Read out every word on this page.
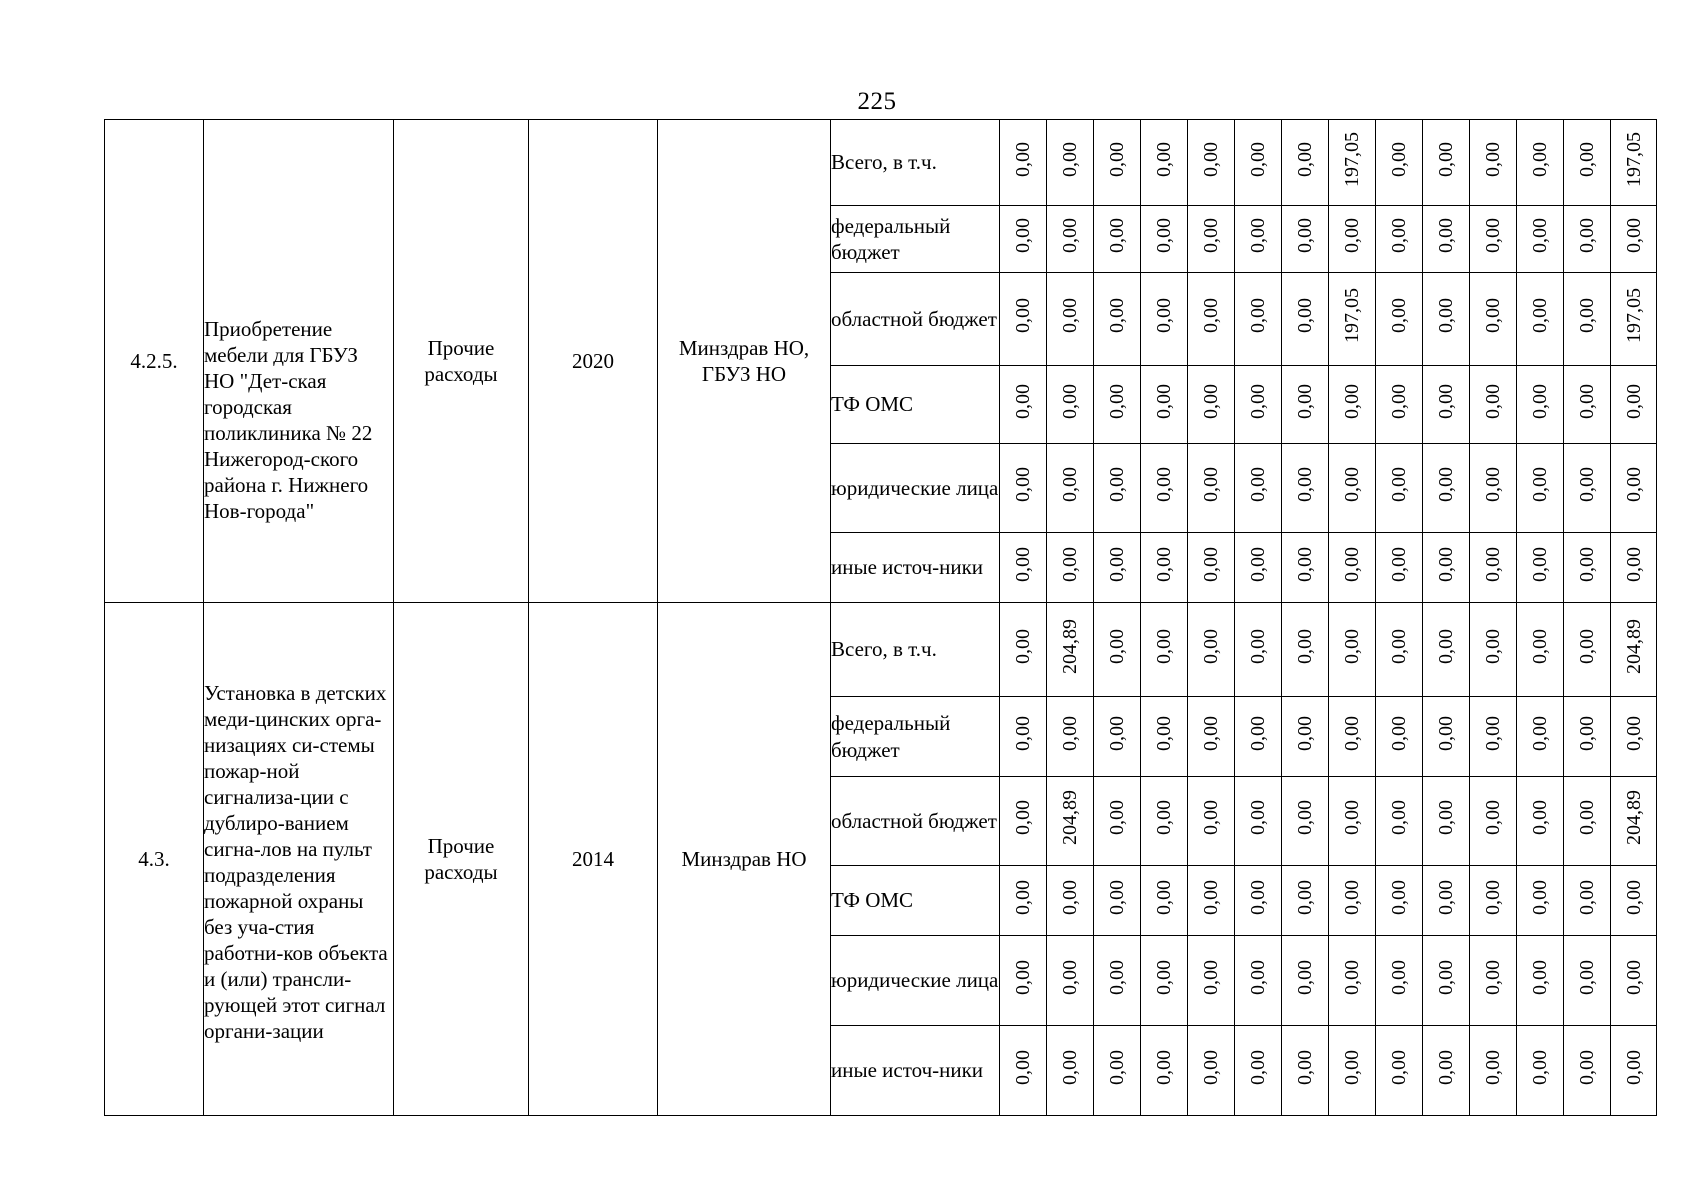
225
4.2.5.	Приобретение мебели для ГБУЗ НО "Дет-ская городская поликлиника № 22 Нижегород-ского района г. Нижнего Нов-города"	Прочие расходы	2020	Минздрав НО, ГБУЗ НО	Всего, в т.ч.	0,00	0,00	0,00	0,00	0,00	0,00	0,00	197,05	0,00	0,00	0,00	0,00	0,00	197,05
					федеральный бюджет	0,00	0,00	0,00	0,00	0,00	0,00	0,00	0,00	0,00	0,00	0,00	0,00	0,00	0,00
					областной бюджет	0,00	0,00	0,00	0,00	0,00	0,00	0,00	197,05	0,00	0,00	0,00	0,00	0,00	197,05
					ТФ ОМС	0,00	0,00	0,00	0,00	0,00	0,00	0,00	0,00	0,00	0,00	0,00	0,00	0,00	0,00
					юридические лица	0,00	0,00	0,00	0,00	0,00	0,00	0,00	0,00	0,00	0,00	0,00	0,00	0,00	0,00
					иные источ-ники	0,00	0,00	0,00	0,00	0,00	0,00	0,00	0,00	0,00	0,00	0,00	0,00	0,00	0,00
4.3.	Установка в детских меди-цинских орга-низациях си-стемы пожар-ной сигнализа-ции с дублиро-ванием сигна-лов на пульт подразделения пожарной охраны без уча-стия работни-ков объекта и (или) трансли-рующей этот сигнал органи-зации	Прочие расходы	2014	Минздрав НО	Всего, в т.ч.	0,00	204,89	0,00	0,00	0,00	0,00	0,00	0,00	0,00	0,00	0,00	0,00	0,00	204,89
					федеральный бюджет	0,00	0,00	0,00	0,00	0,00	0,00	0,00	0,00	0,00	0,00	0,00	0,00	0,00	0,00
					областной бюджет	0,00	204,89	0,00	0,00	0,00	0,00	0,00	0,00	0,00	0,00	0,00	0,00	0,00	204,89
					ТФ ОМС	0,00	0,00	0,00	0,00	0,00	0,00	0,00	0,00	0,00	0,00	0,00	0,00	0,00	0,00
					юридические лица	0,00	0,00	0,00	0,00	0,00	0,00	0,00	0,00	0,00	0,00	0,00	0,00	0,00	0,00
					иные источ-ники	0,00	0,00	0,00	0,00	0,00	0,00	0,00	0,00	0,00	0,00	0,00	0,00	0,00	0,00
